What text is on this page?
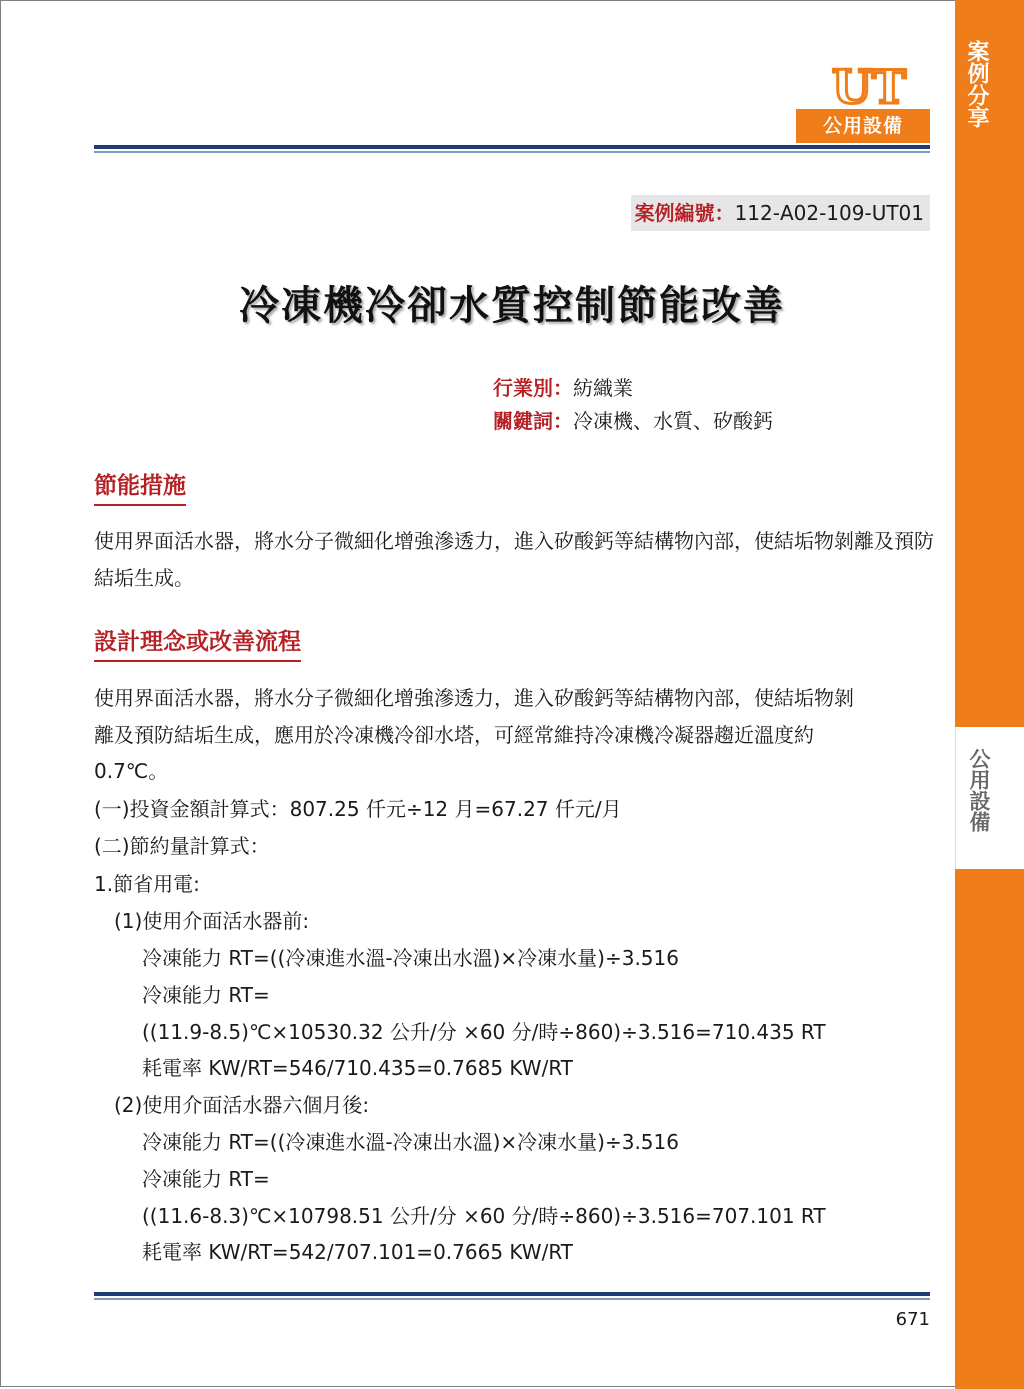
案例分享
公用設備
UT
公用設備
案例編號：112-A02-109-UT01
冷凍機冷卻水質控制節能改善
行業別：紡織業
關鍵詞：冷凍機、水質、矽酸鈣
節能措施
使用界面活水器，將水分子微細化增強滲透力，進入矽酸鈣等結構物內部，使結垢物剝離及預防結垢生成。
設計理念或改善流程
使用界面活水器，將水分子微細化增強滲透力，進入矽酸鈣等結構物內部，使結垢物剝離及預防結垢生成，應用於冷凍機冷卻水塔，可經常維持冷凍機冷凝器趨近溫度約 0.7℃。
(一)投資金額計算式：807.25 仟元÷12 月=67.27 仟元/月
(二)節約量計算式：
1.節省用電:
(1)使用介面活水器前:
冷凍能力 RT=((冷凍進水溫-冷凍出水溫)×冷凍水量)÷3.516
冷凍能力 RT=
((11.9-8.5)℃×10530.32 公升/分 ×60 分/時÷860)÷3.516=710.435 RT
耗電率 KW/RT=546/710.435=0.7685 KW/RT
(2)使用介面活水器六個月後:
冷凍能力 RT=((冷凍進水溫-冷凍出水溫)×冷凍水量)÷3.516
冷凍能力 RT=
((11.6-8.3)℃×10798.51 公升/分 ×60 分/時÷860)÷3.516=707.101 RT
耗電率 KW/RT=542/707.101=0.7665 KW/RT
671
